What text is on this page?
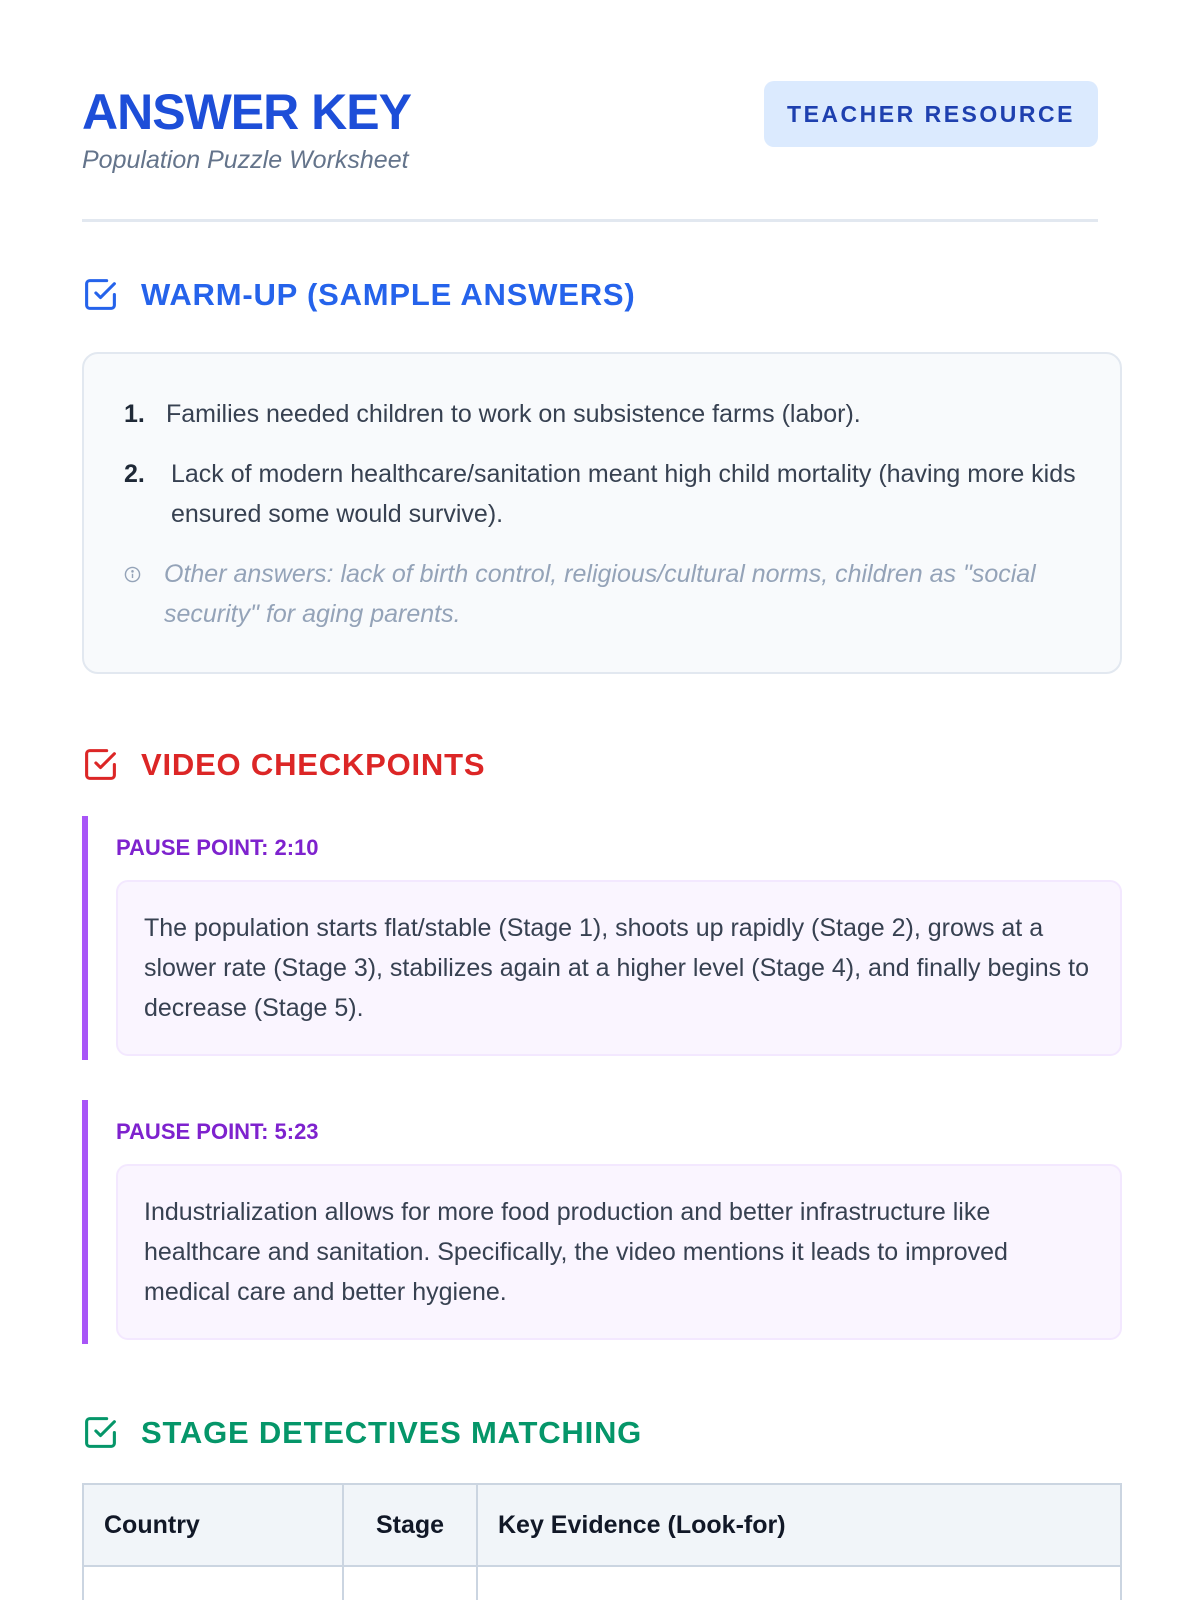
ANSWER KEY
Population Puzzle Worksheet
TEACHER RESOURCE
WARM-UP (SAMPLE ANSWERS)
1. Families needed children to work on subsistence farms (labor).
2.	Lack of modern healthcare/sanitation meant high child mortality (having more kids ensured some would survive).
Other answers: lack of birth control, religious/cultural norms, children as "social security" for aging parents.
VIDEO CHECKPOINTS
PAUSE POINT: 2:10
The population starts flat/stable (Stage 1), shoots up rapidly (Stage 2), grows at a slower rate (Stage 3), stabilizes again at a higher level (Stage 4), and finally begins to decrease (Stage 5).
PAUSE POINT: 5:23
Industrialization allows for more food production and better infrastructure like healthcare and sanitation. Specifically, the video mentions it leads to improved medical care and better hygiene.
STAGE DETECTIVES MATCHING
Country	Stage	Key Evidence (Look-for)
